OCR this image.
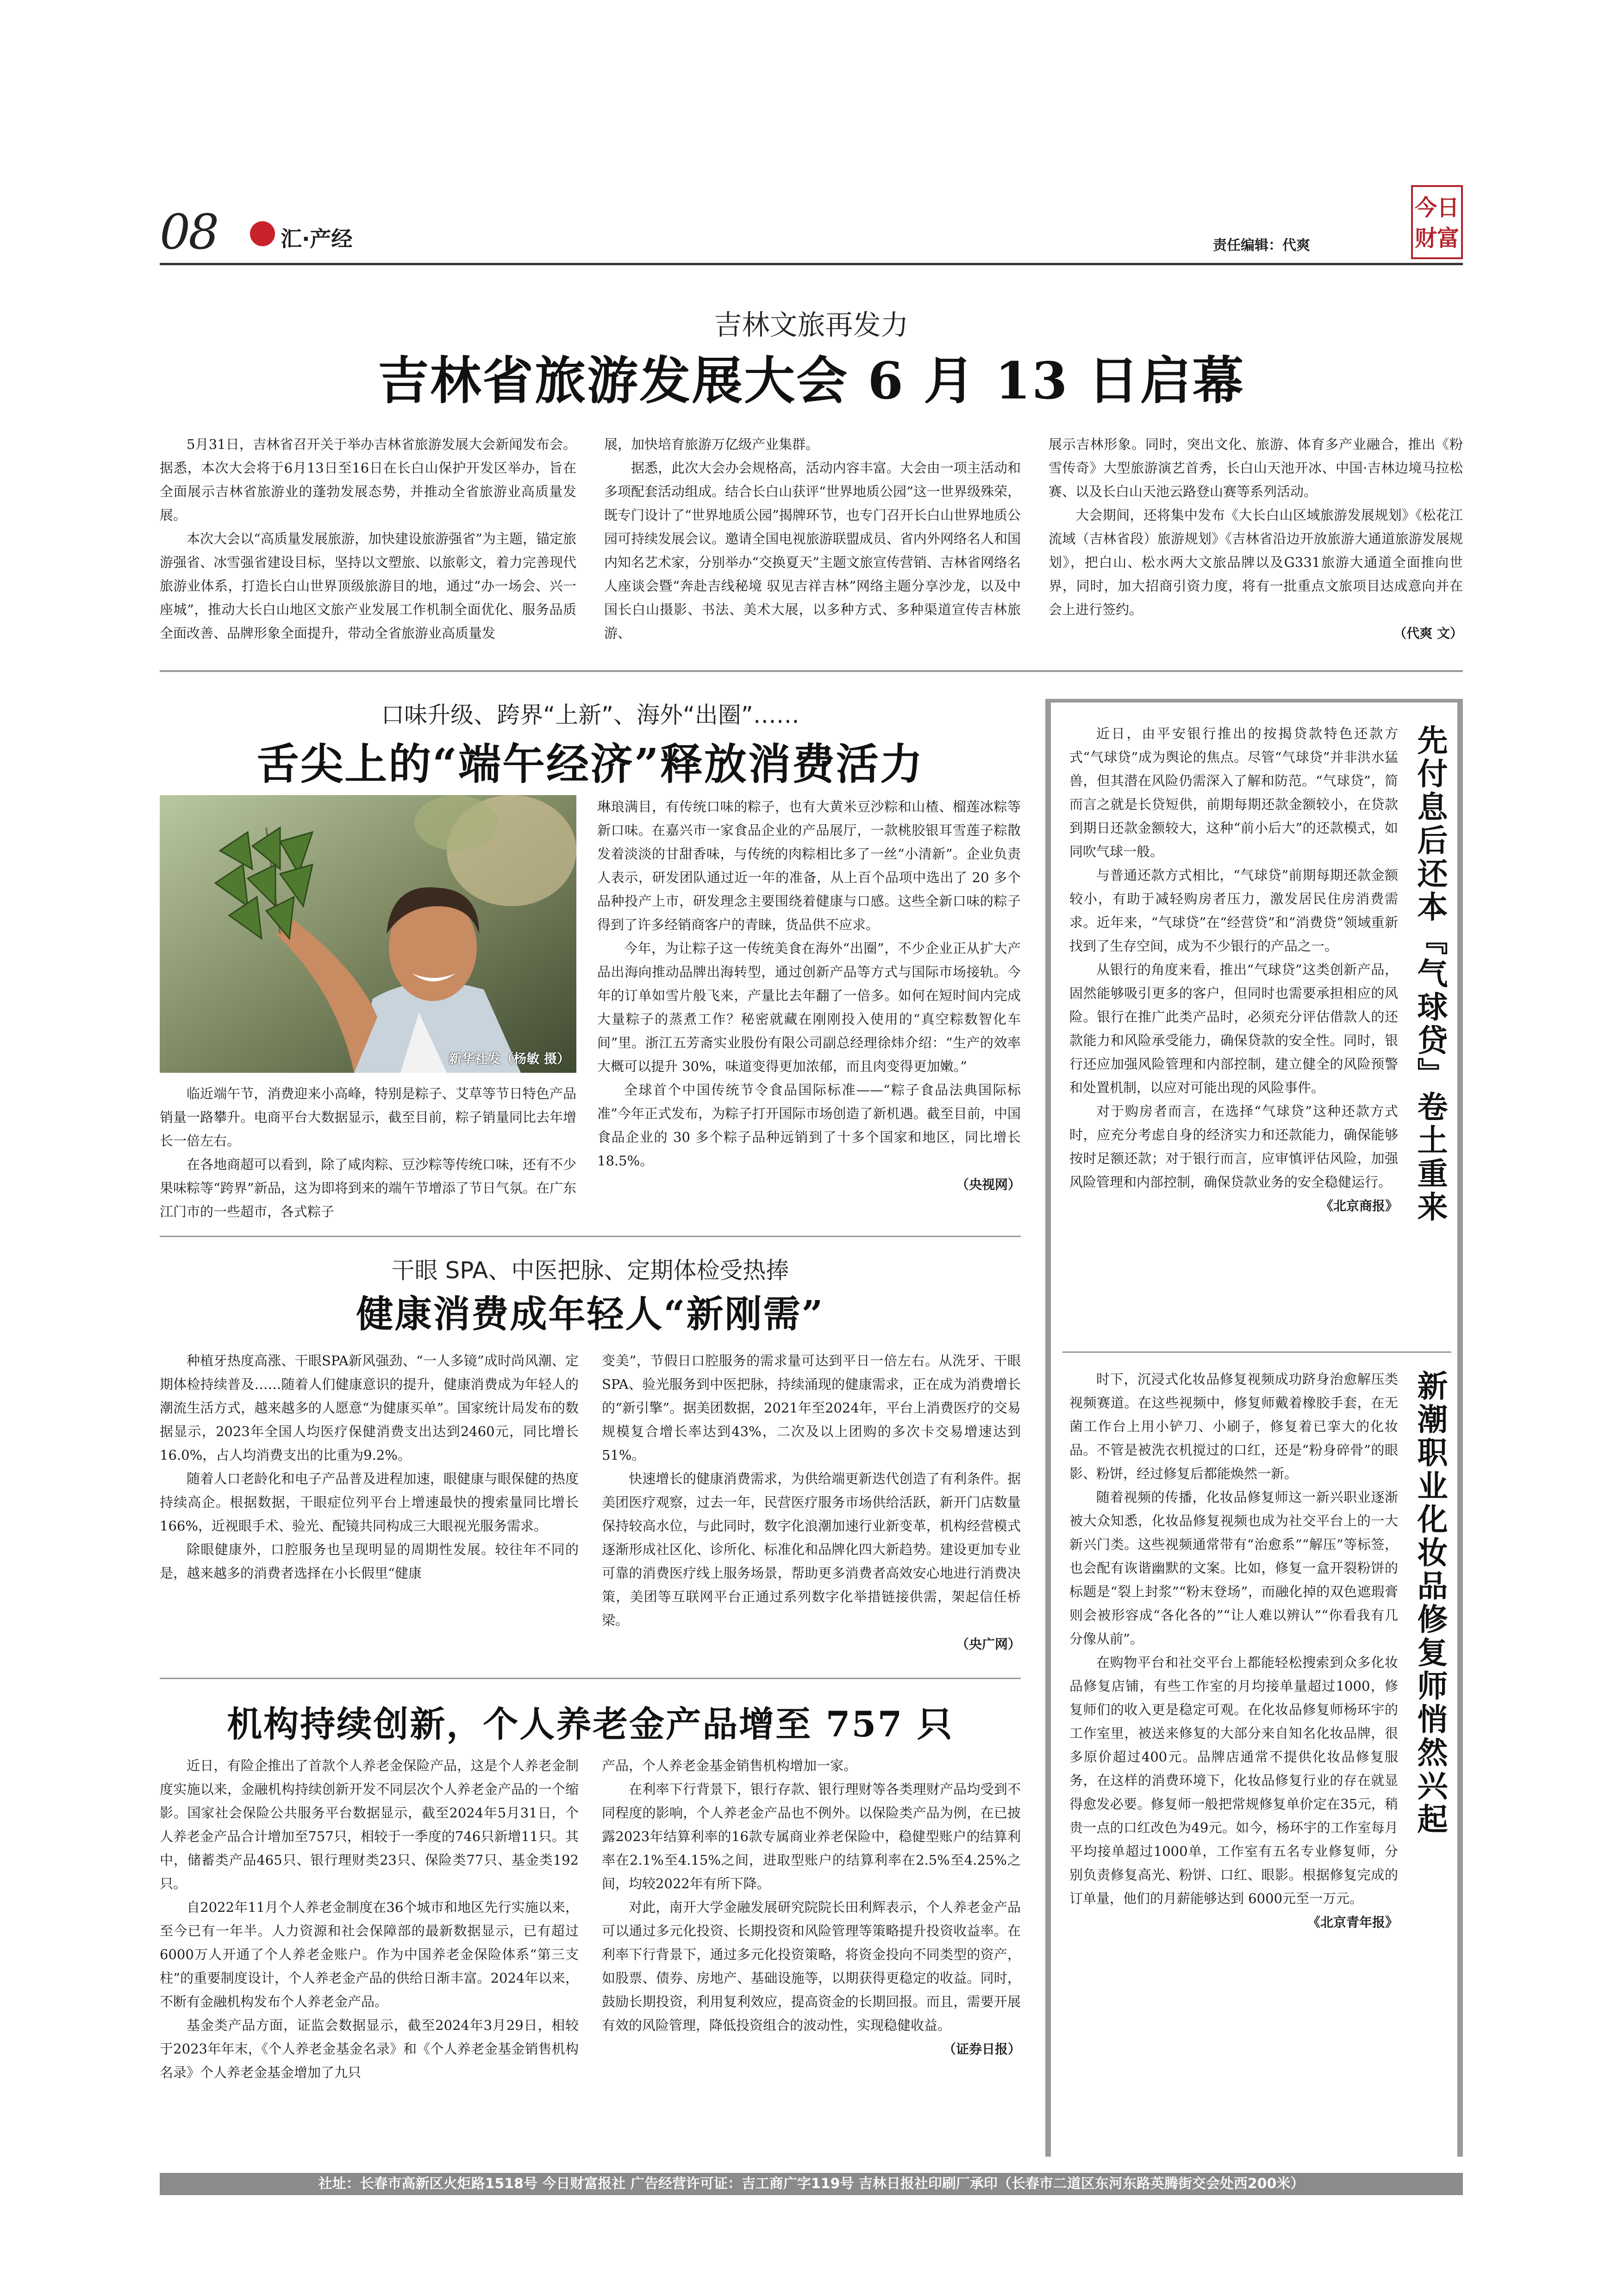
08	汇·产经	责任编辑：代爽
今日
财富
吉林文旅再发力
吉林省旅游发展大会 6 月 13 日启幕

5月31日，吉林省召开关于举办吉林省旅游发展大会新闻发布会。据悉，本次大会将于6月13日至16日在长白山保护开发区举办，旨在全面展示吉林省旅游业的蓬勃发展态势，并推动全省旅游业高质量发展。

本次大会以“高质量发展旅游，加快建设旅游强省”为主题，锚定旅游强省、冰雪强省建设目标，坚持以文塑旅、以旅彰文，着力完善现代旅游业体系，打造长白山世界顶级旅游目的地，通过“办一场会、兴一座城”，推动大长白山地区文旅产业发展工作机制全面优化、服务品质全面改善、品牌形象全面提升，带动全省旅游业高质量发

展，加快培育旅游万亿级产业集群。

据悉，此次大会办会规格高，活动内容丰富。大会由一项主活动和多项配套活动组成。结合长白山获评“世界地质公园”这一世界级殊荣，既专门设计了“世界地质公园”揭牌环节，也专门召开长白山世界地质公园可持续发展会议。邀请全国电视旅游联盟成员、省内外网络名人和国内知名艺术家，分别举办“交换夏天”主题文旅宣传营销、吉林省网络名人座谈会暨“奔赴吉线秘境 驭见吉祥吉林”网络主题分享沙龙，以及中国长白山摄影、书法、美术大展，以多种方式、多种渠道宣传吉林旅游、

展示吉林形象。同时，突出文化、旅游、体育多产业融合，推出《粉雪传奇》大型旅游演艺首秀，长白山天池开冰、中国·吉林边境马拉松赛、以及长白山天池云路登山赛等系列活动。

大会期间，还将集中发布《大长白山区域旅游发展规划》《松花江流域（吉林省段）旅游规划》《吉林省沿边开放旅游大通道旅游发展规划》，把白山、松水两大文旅品牌以及G331旅游大通道全面推向世界，同时，加大招商引资力度，将有一批重点文旅项目达成意向并在会上进行签约。

（代爽 文）

口味升级、跨界“上新”、海外“出圈”……
舌尖上的“端午经济”释放消费活力
新华社发（杨敏 摄）

临近端午节，消费迎来小高峰，特别是粽子、艾草等节日特色产品销量一路攀升。电商平台大数据显示，截至目前，粽子销量同比去年增长一倍左右。

在各地商超可以看到，除了咸肉粽、豆沙粽等传统口味，还有不少果味粽等“跨界”新品，这为即将到来的端午节增添了节日气氛。在广东江门市的一些超市，各式粽子

琳琅满目，有传统口味的粽子，也有大黄米豆沙粽和山楂、榴莲冰粽等新口味。在嘉兴市一家食品企业的产品展厅，一款桃胶银耳雪莲子粽散发着淡淡的甘甜香味，与传统的肉粽相比多了一丝“小清新”。企业负责人表示，研发团队通过近一年的准备，从上百个品项中选出了 20 多个品种投产上市，研发理念主要围绕着健康与口感。这些全新口味的粽子得到了许多经销商客户的青睐，货品供不应求。

今年，为让粽子这一传统美食在海外“出圈”，不少企业正从扩大产品出海向推动品牌出海转型，通过创新产品等方式与国际市场接轨。今年的订单如雪片般飞来，产量比去年翻了一倍多。如何在短时间内完成大量粽子的蒸煮工作？秘密就藏在刚刚投入使用的“真空粽数智化车间”里。浙江五芳斋实业股份有限公司副总经理徐炜介绍：“生产的效率大概可以提升 30%，味道变得更加浓郁，而且肉变得更加嫩。”

全球首个中国传统节令食品国际标准——“粽子食品法典国际标准”今年正式发布，为粽子打开国际市场创造了新机遇。截至目前，中国食品企业的 30 多个粽子品种远销到了十多个国家和地区，同比增长 18.5%。

（央视网）

干眼 SPA、中医把脉、定期体检受热捧
健康消费成年轻人“新刚需”

种植牙热度高涨、干眼SPA新风强劲、“一人多镜”成时尚风潮、定期体检持续普及……随着人们健康意识的提升，健康消费成为年轻人的潮流生活方式，越来越多的人愿意“为健康买单”。国家统计局发布的数据显示，2023年全国人均医疗保健消费支出达到2460元，同比增长16.0%，占人均消费支出的比重为9.2%。

随着人口老龄化和电子产品普及进程加速，眼健康与眼保健的热度持续高企。根据数据，干眼症位列平台上增速最快的搜索量同比增长166%，近视眼手术、验光、配镜共同构成三大眼视光服务需求。

除眼健康外，口腔服务也呈现明显的周期性发展。较往年不同的是，越来越多的消费者选择在小长假里“健康

变美”，节假日口腔服务的需求量可达到平日一倍左右。从洗牙、干眼SPA、验光服务到中医把脉，持续涌现的健康需求，正在成为消费增长的“新引擎”。据美团数据，2021年至2024年，平台上消费医疗的交易规模复合增长率达到43%，二次及以上团购的多次卡交易增速达到51%。

快速增长的健康消费需求，为供给端更新迭代创造了有利条件。据美团医疗观察，过去一年，民营医疗服务市场供给活跃，新开门店数量保持较高水位，与此同时，数字化浪潮加速行业新变革，机构经营模式逐渐形成社区化、诊所化、标准化和品牌化四大新趋势。建设更加专业可靠的消费医疗线上服务场景，帮助更多消费者高效安心地进行消费决策，美团等互联网平台正通过系列数字化举措链接供需，架起信任桥梁。

（央广网）

机构持续创新，个人养老金产品增至 757 只

近日，有险企推出了首款个人养老金保险产品，这是个人养老金制度实施以来，金融机构持续创新开发不同层次个人养老金产品的一个缩影。国家社会保险公共服务平台数据显示，截至2024年5月31日，个人养老金产品合计增加至757只，相较于一季度的746只新增11只。其中，储蓄类产品465只、银行理财类23只、保险类77只、基金类192只。

自2022年11月个人养老金制度在36个城市和地区先行实施以来，至今已有一年半。人力资源和社会保障部的最新数据显示，已有超过6000万人开通了个人养老金账户。作为中国养老金保险体系“第三支柱”的重要制度设计，个人养老金产品的供给日渐丰富。2024年以来，不断有金融机构发布个人养老金产品。

基金类产品方面，证监会数据显示，截至2024年3月29日，相较于2023年年末，《个人养老金基金名录》和《个人养老金基金销售机构名录》个人养老金基金增加了九只

产品，个人养老金基金销售机构增加一家。

在利率下行背景下，银行存款、银行理财等各类理财产品均受到不同程度的影响，个人养老金产品也不例外。以保险类产品为例，在已披露2023年结算利率的16款专属商业养老保险中，稳健型账户的结算利率在2.1%至4.15%之间，进取型账户的结算利率在2.5%至4.25%之间，均较2022年有所下降。

对此，南开大学金融发展研究院院长田利辉表示，个人养老金产品可以通过多元化投资、长期投资和风险管理等策略提升投资收益率。在利率下行背景下，通过多元化投资策略，将资金投向不同类型的资产，如股票、债券、房地产、基础设施等，以期获得更稳定的收益。同时，鼓励长期投资，利用复利效应，提高资金的长期回报。而且，需要开展有效的风险管理，降低投资组合的波动性，实现稳健收益。

（证券日报）

近日，由平安银行推出的按揭贷款特色还款方式“气球贷”成为舆论的焦点。尽管“气球贷”并非洪水猛兽，但其潜在风险仍需深入了解和防范。“气球贷”，简而言之就是长贷短供，前期每期还款金额较小，在贷款到期日还款金额较大，这种“前小后大”的还款模式，如同吹气球一般。

与普通还款方式相比，“气球贷”前期每期还款金额较小，有助于减轻购房者压力，激发居民住房消费需求。近年来，“气球贷”在“经营贷”和“消费贷”领域重新找到了生存空间，成为不少银行的产品之一。

从银行的角度来看，推出“气球贷”这类创新产品，固然能够吸引更多的客户，但同时也需要承担相应的风险。银行在推广此类产品时，必须充分评估借款人的还款能力和风险承受能力，确保贷款的安全性。同时，银行还应加强风险管理和内部控制，建立健全的风险预警和处置机制，以应对可能出现的风险事件。

对于购房者而言，在选择“气球贷”这种还款方式时，应充分考虑自身的经济实力和还款能力，确保能够按时足额还款；对于银行而言，应审慎评估风险，加强风险管理和内部控制，确保贷款业务的安全稳健运行。

《北京商报》 先付息后还本『气球贷』卷土重来

时下，沉浸式化妆品修复视频成功跻身治愈解压类视频赛道。在这些视频中，修复师戴着橡胶手套，在无菌工作台上用小铲刀、小刷子，修复着已挛大的化妆品。不管是被洗衣机搅过的口红，还是“粉身碎骨”的眼影、粉饼，经过修复后都能焕然一新。

随着视频的传播，化妆品修复师这一新兴职业逐渐被大众知悉，化妆品修复视频也成为社交平台上的一大新兴门类。这些视频通常带有“治愈系”“解压”等标签，也会配有诙谐幽默的文案。比如，修复一盒开裂粉饼的标题是“裂上封浆”“粉末登场”，而融化掉的双色遮瑕膏则会被形容成“各化各的”“让人难以辨认”“你看我有几分像从前”。

在购物平台和社交平台上都能轻松搜索到众多化妆品修复店铺，有些工作室的月均接单量超过1000，修复师们的收入更是稳定可观。在化妆品修复师杨环宇的工作室里，被送来修复的大部分来自知名化妆品牌，很多原价超过400元。品牌店通常不提供化妆品修复服务，在这样的消费环境下，化妆品修复行业的存在就显得愈发必要。修复师一般把常规修复单价定在35元，稍贵一点的口红改色为49元。如今，杨环宇的工作室每月平均接单超过1000单，工作室有五名专业修复师，分别负责修复高光、粉饼、口红、眼影。根据修复完成的订单量，他们的月薪能够达到 6000元至一万元。

《北京青年报》

新潮职业化妆品修复师悄然兴起
社址：长春市高新区火炬路1518号 今日财富报社 广告经营许可证：吉工商广字119号 吉林日报社印刷厂承印（长春市二道区东河东路英腾街交会处西200米）
